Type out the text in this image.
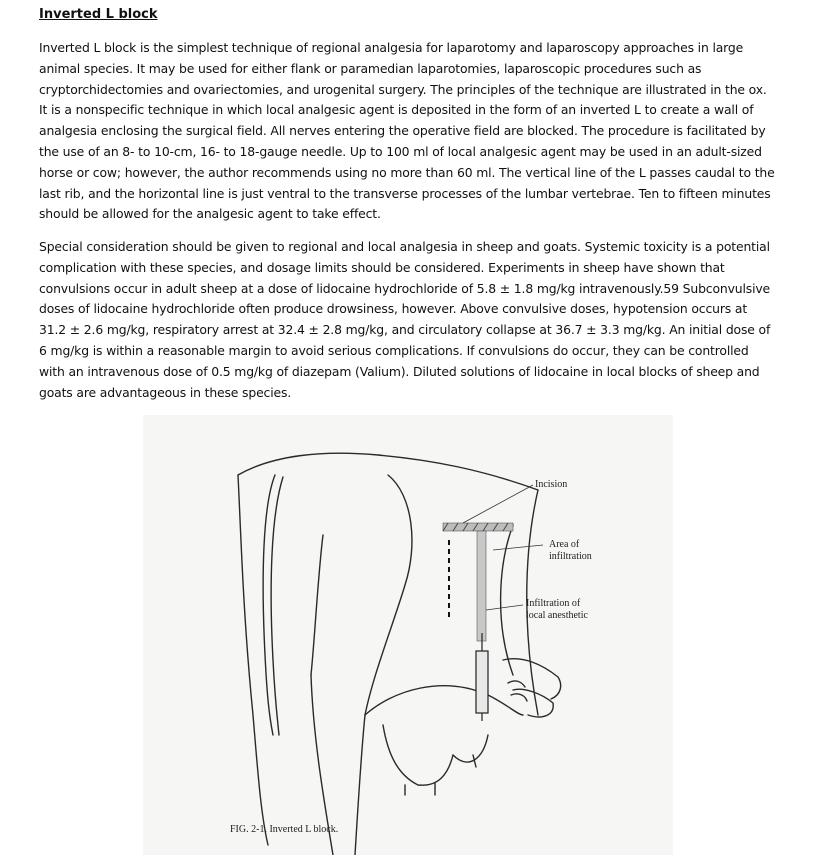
Inverted L block
Inverted L block is the simplest technique of regional analgesia for laparotomy and laparoscopy approaches in large animal species. It may be used for either flank or paramedian laparotomies, laparoscopic procedures such as cryptorchidectomies and ovariectomies, and urogenital surgery. The principles of the technique are illustrated in the ox. It is a nonspecific technique in which local analgesic agent is deposited in the form of an inverted L to create a wall of analgesia enclosing the surgical field. All nerves entering the operative field are blocked. The procedure is facilitated by the use of an 8- to 10-cm, 16- to 18-gauge needle. Up to 100 ml of local analgesic agent may be used in an adult-sized horse or cow; however, the author recommends using no more than 60 ml. The vertical line of the L passes caudal to the last rib, and the horizontal line is just ventral to the transverse processes of the lumbar vertebrae. Ten to fifteen minutes should be allowed for the analgesic agent to take effect.
Special consideration should be given to regional and local analgesia in sheep and goats. Systemic toxicity is a potential complication with these species, and dosage limits should be considered. Experiments in sheep have shown that convulsions occur in adult sheep at a dose of lidocaine hydrochloride of 5.8 ± 1.8 mg/kg intravenously.59 Subconvulsive doses of lidocaine hydrochloride often produce drowsiness, however. Above convulsive doses, hypotension occurs at 31.2 ± 2.6 mg/kg, respiratory arrest at 32.4 ± 2.8 mg/kg, and circulatory collapse at 36.7 ± 3.3 mg/kg. An initial dose of 6 mg/kg is within a reasonable margin to avoid serious complications. If convulsions do occur, they can be controlled with an intravenous dose of 0.5 mg/kg of diazepam (Valium). Diluted solutions of lidocaine in local blocks of sheep and goats are advantageous in these species.
Incision
Area of
infiltration
Infiltration of
local anesthetic
FIG. 2-1. Inverted L block.
